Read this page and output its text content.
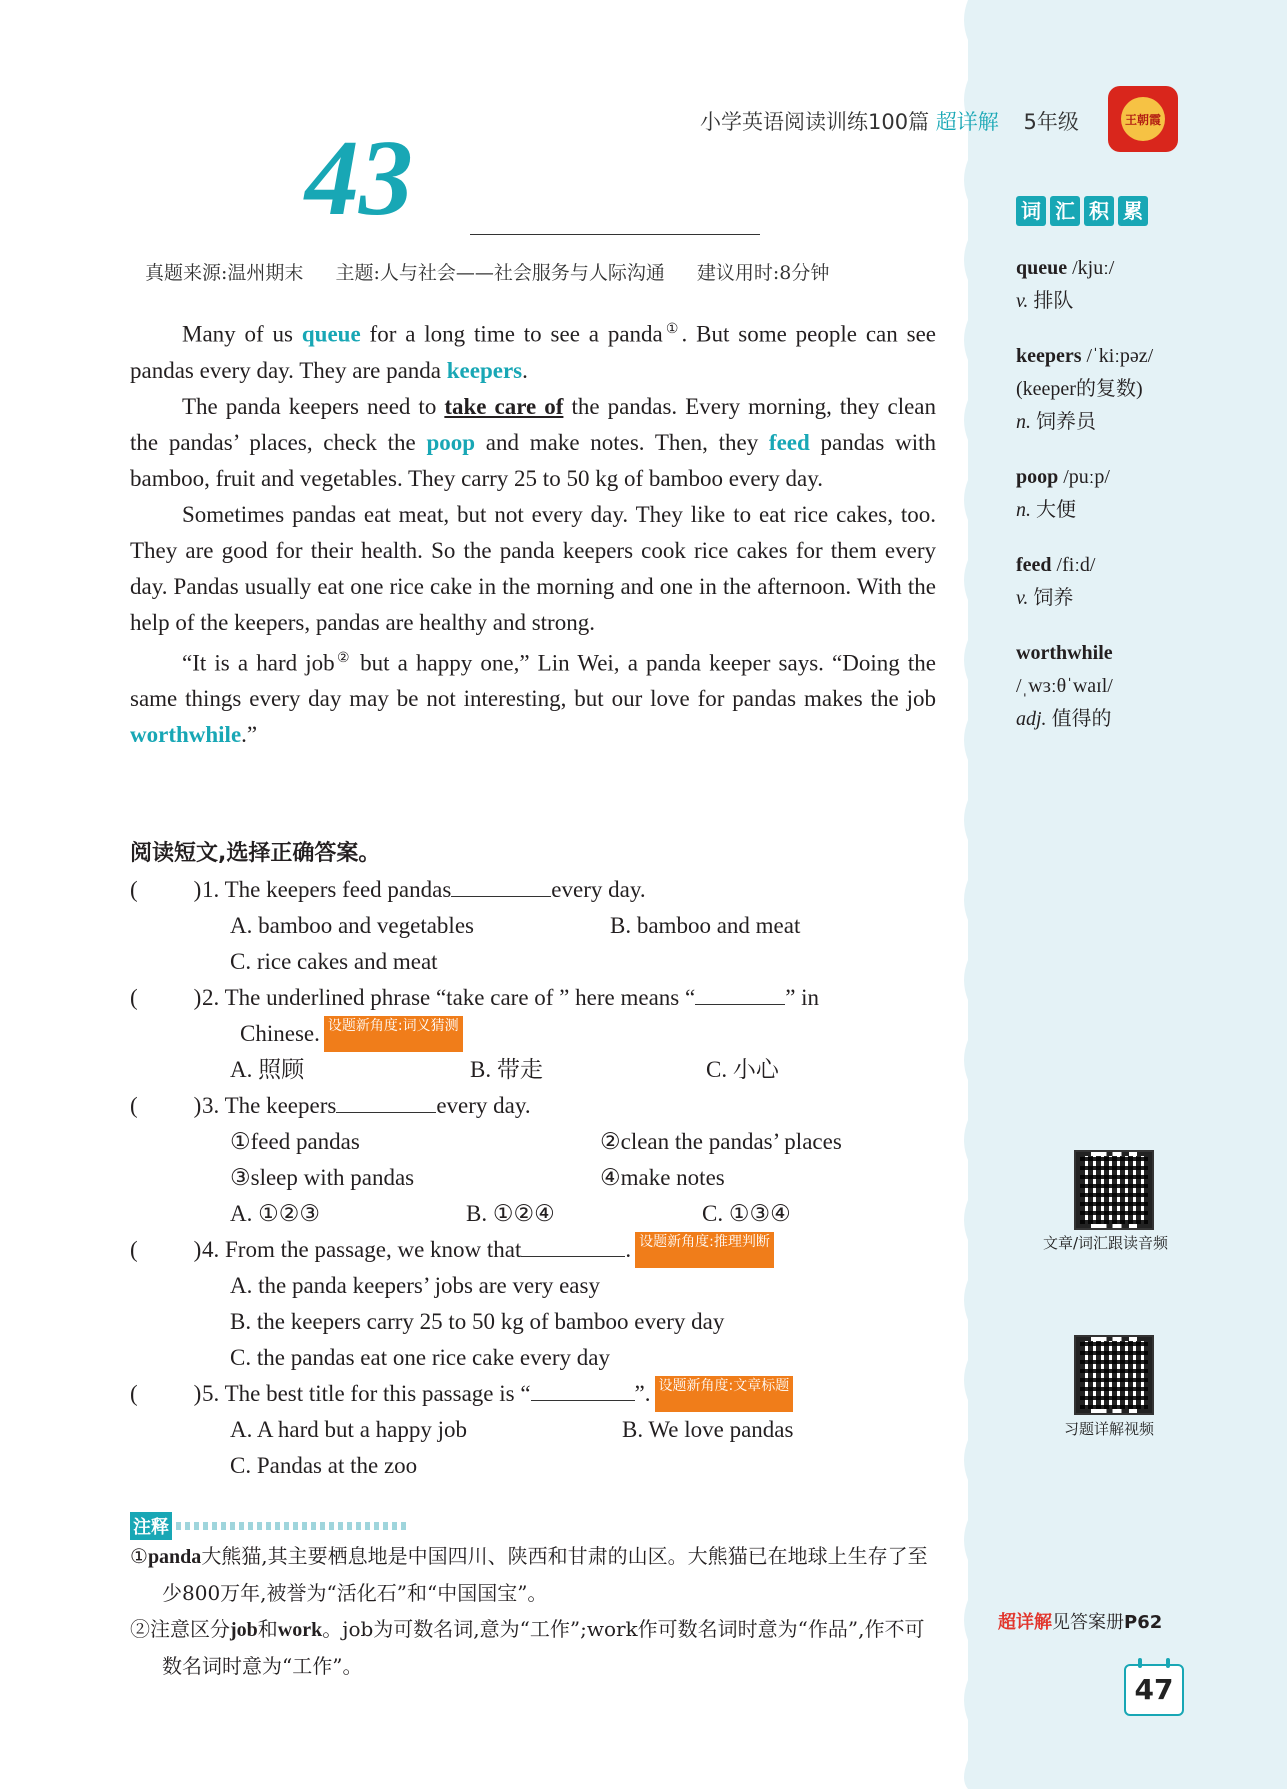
小学英语阅读训练100篇 超详解 5年级	王朝霞
43
真题来源:温州期末 主题:人与社会——社会服务与人际沟通 建议用时:8分钟

Many of us queue for a long time to see a panda①. But some people can see pandas every day. They are panda keepers.

The panda keepers need to take care of the pandas. Every morning, they clean the pandas’ places, check the poop and make notes. Then, they feed pandas with bamboo, fruit and vegetables. They carry 25 to 50 kg of bamboo every day.

Sometimes pandas eat meat, but not every day. They like to eat rice cakes, too. They are good for their health. So the panda keepers cook rice cakes for them every day. Pandas usually eat one rice cake in the morning and one in the afternoon. With the help of the keepers, pandas are healthy and strong.

“It is a hard job② but a happy one,” Lin Wei, a panda keeper says. “Doing the same things every day may be not interesting, but our love for pandas makes the job worthwhile.”

阅读短文,选择正确答案。
( ) 1. The keepers feed pandas	every day.
A. bamboo and vegetables	B. bamboo and meat
C. rice cakes and meat
( ) 2. The underlined phrase “take care of ” here means “	” in
Chinese. 设题新角度:词义猜测
A. 照顾	B. 带走	C. 小心
( ) 3. The keepers	every day.
①feed pandas	②clean the pandas’ places
③sleep with pandas	④make notes
A. ①②③	B. ①②④	C. ①③④
( ) 4. From the passage, we know that	. 设题新角度:推理判断
A. the panda keepers’ jobs are very easy
B. the keepers carry 25 to 50 kg of bamboo every day
C. the pandas eat one rice cake every day
( ) 5. The best title for this passage is “	”. 设题新角度:文章标题
A. A hard but a happy job	B. We love pandas
C. Pandas at the zoo
注释
①panda大熊猫,其主要栖息地是中国四川、陕西和甘肃的山区。大熊猫已在地球上生存了至少800万年,被誉为“活化石”和“中国国宝”。
②注意区分job和work。job为可数名词,意为“工作”;work作可数名词时意为“作品”,作不可数名词时意为“工作”。
词 汇 积 累
queue /kjuː/
v. 排队
keepers /ˈkiːpəz/
(keeper的复数)
n. 饲养员
poop /puːp/
n. 大便
feed /fiːd/
v. 饲养
worthwhile
/ˌwɜːθˈwaɪl/
adj. 值得的
文章/词汇跟读音频
习题详解视频
超详解见答案册P62
47
